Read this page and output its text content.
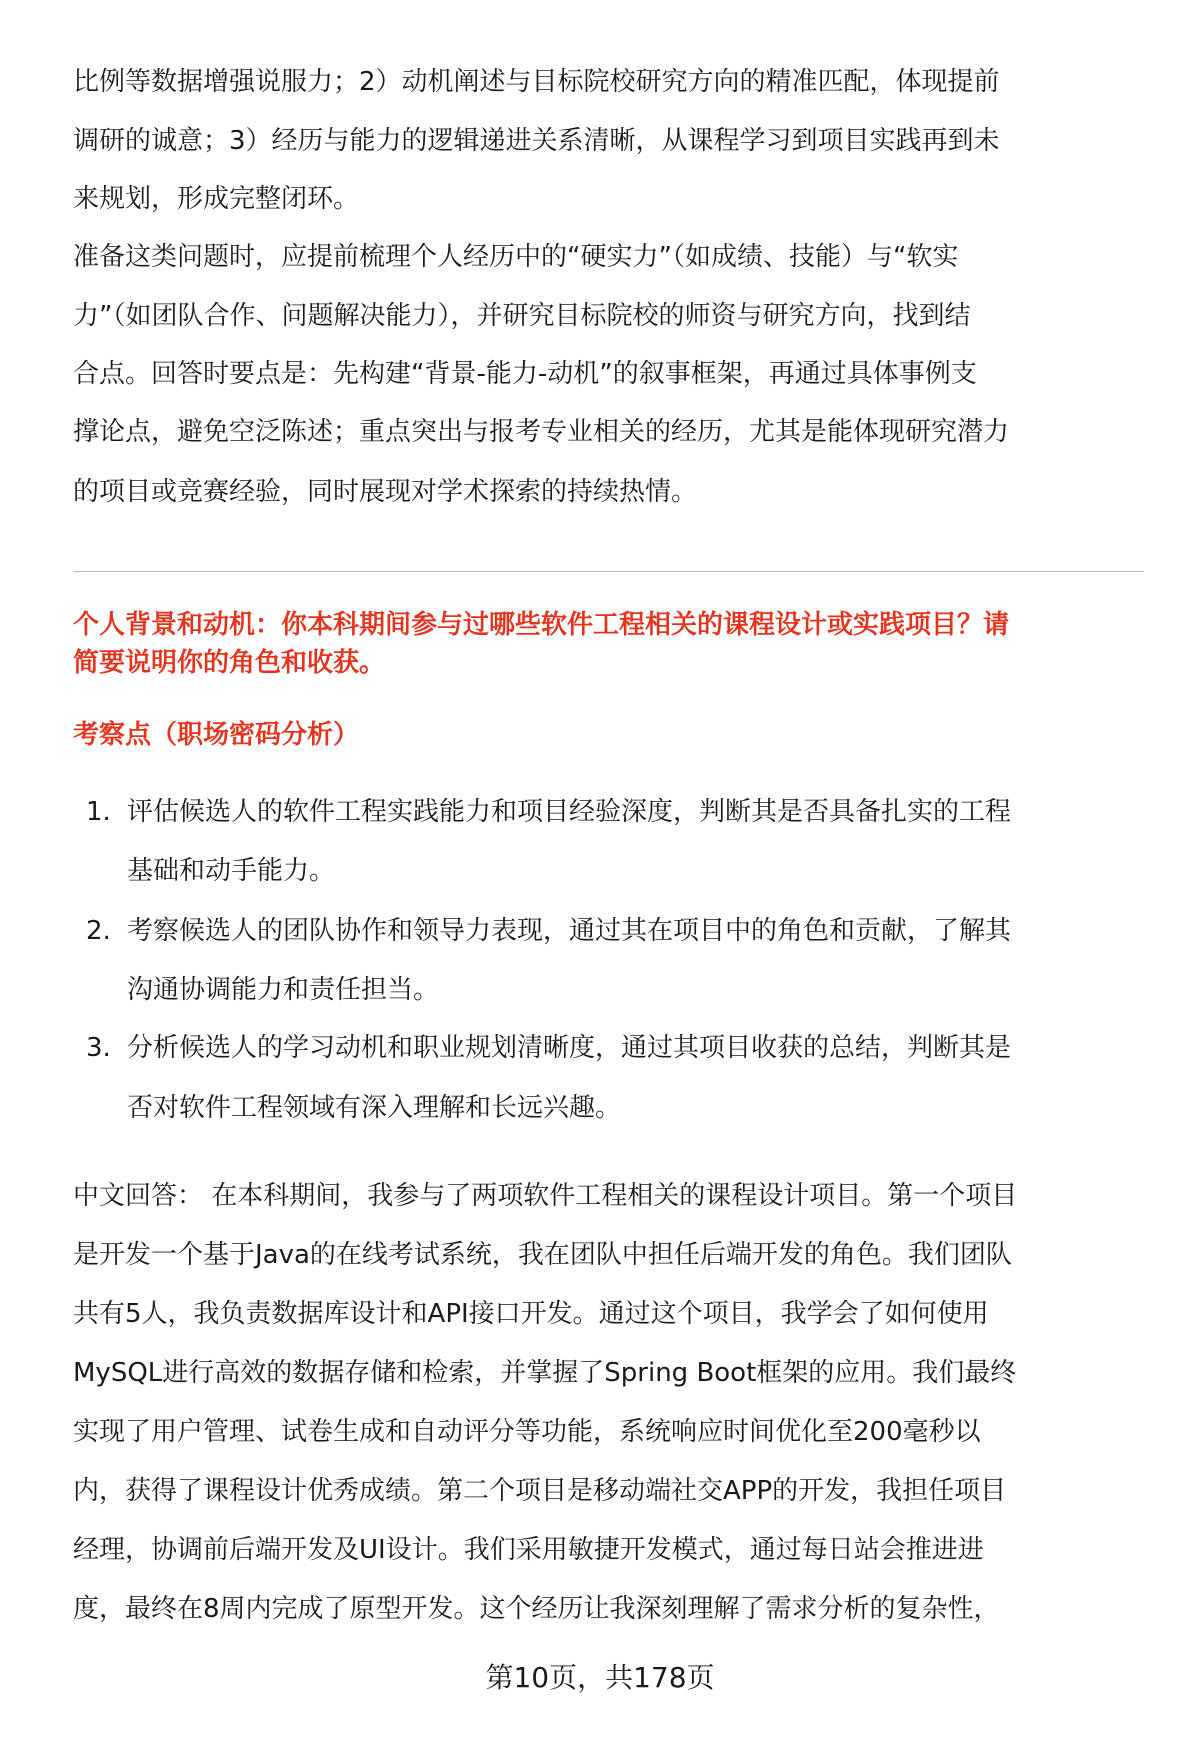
比例等数据增强说服力；2）动机阐述与目标院校研究方向的精准匹配，体现提前
调研的诚意；3）经历与能力的逻辑递进关系清晰，从课程学习到项目实践再到未
来规划，形成完整闭环。
准备这类问题时，应提前梳理个人经历中的“硬实力”（如成绩、技能）与“软实
力”（如团队合作、问题解决能力），并研究目标院校的师资与研究方向，找到结
合点。回答时要点是：先构建“背景-能力-动机”的叙事框架，再通过具体事例支
撑论点，避免空泛陈述；重点突出与报考专业相关的经历，尤其是能体现研究潜力
的项目或竞赛经验，同时展现对学术探索的持续热情。
个人背景和动机：你本科期间参与过哪些软件工程相关的课程设计或实践项目？请
简要说明你的角色和收获。
考察点（职场密码分析）
1. 评估候选人的软件工程实践能力和项目经验深度，判断其是否具备扎实的工程
基础和动手能力。
2. 考察候选人的团队协作和领导力表现，通过其在项目中的角色和贡献，了解其
沟通协调能力和责任担当。
3. 分析候选人的学习动机和职业规划清晰度，通过其项目收获的总结，判断其是
否对软件工程领域有深入理解和长远兴趣。
中文回答： 在本科期间，我参与了两项软件工程相关的课程设计项目。第一个项目
是开发一个基于Java的在线考试系统，我在团队中担任后端开发的角色。我们团队
共有5人，我负责数据库设计和API接口开发。通过这个项目，我学会了如何使用
MySQL进行高效的数据存储和检索，并掌握了Spring Boot框架的应用。我们最终
实现了用户管理、试卷生成和自动评分等功能，系统响应时间优化至200毫秒以
内，获得了课程设计优秀成绩。第二个项目是移动端社交APP的开发，我担任项目
经理，协调前后端开发及UI设计。我们采用敏捷开发模式，通过每日站会推进进
度，最终在8周内完成了原型开发。这个经历让我深刻理解了需求分析的复杂性，
第10页，共178页
